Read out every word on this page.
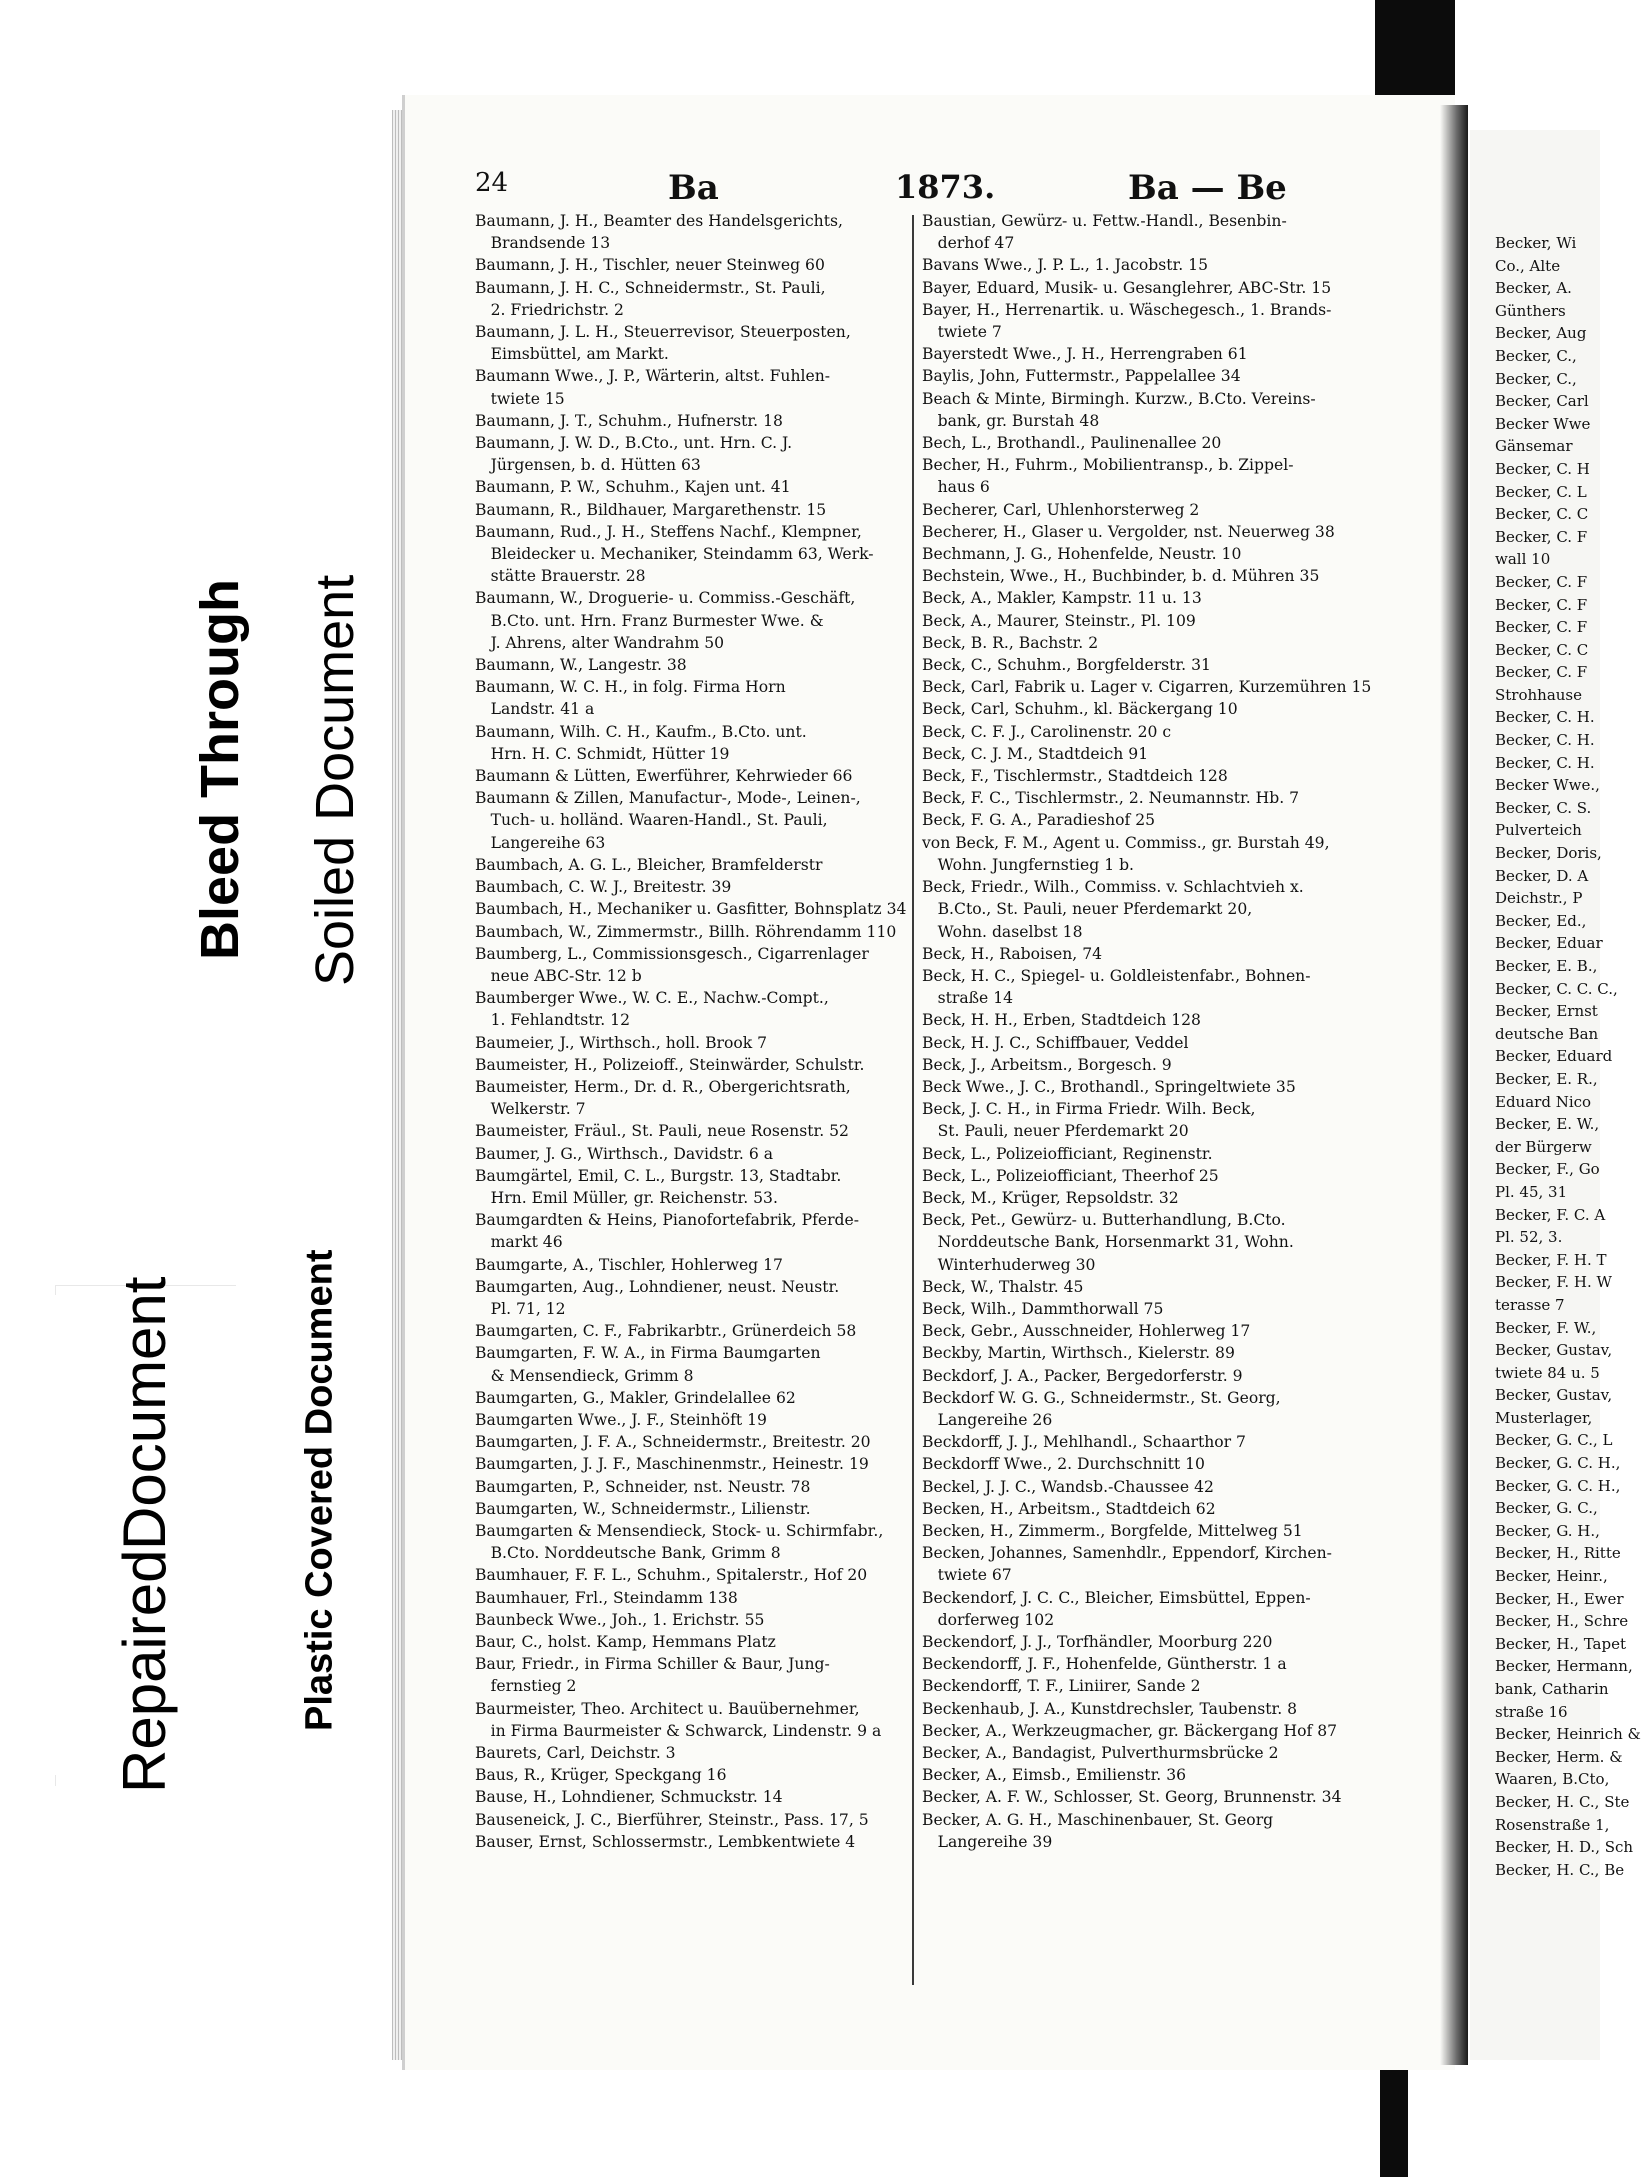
24	Ba	1873.	Ba — Be
Baumann, J. H., Beamter des Handelsgerichts,
 Brandsende 13
Baumann, J. H., Tischler, neuer Steinweg 60
Baumann, J. H. C., Schneidermstr., St. Pauli,
 2. Friedrichstr. 2
Baumann, J. L. H., Steuerrevisor, Steuerposten,
 Eimsbüttel, am Markt.
Baumann Wwe., J. P., Wärterin, altst. Fuhlen-
 twiete 15
Baumann, J. T., Schuhm., Hufnerstr. 18
Baumann, J. W. D., B.Cto., unt. Hrn. C. J.
 Jürgensen, b. d. Hütten 63
Baumann, P. W., Schuhm., Kajen unt. 41
Baumann, R., Bildhauer, Margarethenstr. 15
Baumann, Rud., J. H., Steffens Nachf., Klempner,
 Bleidecker u. Mechaniker, Steindamm 63, Werk-
 stätte Brauerstr. 28
Baumann, W., Droguerie- u. Commiss.-Geschäft,
 B.Cto. unt. Hrn. Franz Burmester Wwe. &
 J. Ahrens, alter Wandrahm 50
Baumann, W., Langestr. 38
Baumann, W. C. H., in folg. Firma Horn
 Landstr. 41 a
Baumann, Wilh. C. H., Kaufm., B.Cto. unt.
 Hrn. H. C. Schmidt, Hütter 19
Baumann & Lütten, Ewerführer, Kehrwieder 66
Baumann & Zillen, Manufactur-, Mode-, Leinen-,
 Tuch- u. holländ. Waaren-Handl., St. Pauli,
 Langereihe 63
Baumbach, A. G. L., Bleicher, Bramfelderstr
Baumbach, C. W. J., Breitestr. 39
Baumbach, H., Mechaniker u. Gasfitter, Bohnsplatz 34
Baumbach, W., Zimmermstr., Billh. Röhrendamm 110
Baumberg, L., Commissionsgesch., Cigarrenlager
 neue ABC-Str. 12 b
Baumberger Wwe., W. C. E., Nachw.-Compt.,
 1. Fehlandtstr. 12
Baumeier, J., Wirthsch., holl. Brook 7
Baumeister, H., Polizeioff., Steinwärder, Schulstr.
Baumeister, Herm., Dr. d. R., Obergerichtsrath,
 Welkerstr. 7
Baumeister, Fräul., St. Pauli, neue Rosenstr. 52
Baumer, J. G., Wirthsch., Davidstr. 6 a
Baumgärtel, Emil, C. L., Burgstr. 13, Stadtabr.
 Hrn. Emil Müller, gr. Reichenstr. 53.
Baumgardten & Heins, Pianofortefabrik, Pferde-
 markt 46
Baumgarte, A., Tischler, Hohlerweg 17
Baumgarten, Aug., Lohndiener, neust. Neustr.
 Pl. 71, 12
Baumgarten, C. F., Fabrikarbtr., Grünerdeich 58
Baumgarten, F. W. A., in Firma Baumgarten
 & Mensendieck, Grimm 8
Baumgarten, G., Makler, Grindelallee 62
Baumgarten Wwe., J. F., Steinhöft 19
Baumgarten, J. F. A., Schneidermstr., Breitestr. 20
Baumgarten, J. J. F., Maschinenmstr., Heinestr. 19
Baumgarten, P., Schneider, nst. Neustr. 78
Baumgarten, W., Schneidermstr., Lilienstr.
Baumgarten & Mensendieck, Stock- u. Schirmfabr.,
 B.Cto. Norddeutsche Bank, Grimm 8
Baumhauer, F. F. L., Schuhm., Spitalerstr., Hof 20
Baumhauer, Frl., Steindamm 138
Baunbeck Wwe., Joh., 1. Erichstr. 55
Baur, C., holst. Kamp, Hemmans Platz
Baur, Friedr., in Firma Schiller & Baur, Jung-
 fernstieg 2
Baurmeister, Theo. Architect u. Bauübernehmer,
 in Firma Baurmeister & Schwarck, Lindenstr. 9 a
Baurets, Carl, Deichstr. 3
Baus, R., Krüger, Speckgang 16
Bause, H., Lohndiener, Schmuckstr. 14
Bauseneick, J. C., Bierführer, Steinstr., Pass. 17, 5
Bauser, Ernst, Schlossermstr., Lembkentwiete 4
Baustian, Gewürz- u. Fettw.-Handl., Besenbin-
 derhof 47
Bavans Wwe., J. P. L., 1. Jacobstr. 15
Bayer, Eduard, Musik- u. Gesanglehrer, ABC-Str. 15
Bayer, H., Herrenartik. u. Wäschegesch., 1. Brands-
 twiete 7
Bayerstedt Wwe., J. H., Herrengraben 61
Baylis, John, Futtermstr., Pappelallee 34
Beach & Minte, Birmingh. Kurzw., B.Cto. Vereins-
 bank, gr. Burstah 48
Bech, L., Brothandl., Paulinenallee 20
Becher, H., Fuhrm., Mobilientransp., b. Zippel-
 haus 6
Becherer, Carl, Uhlenhorsterweg 2
Becherer, H., Glaser u. Vergolder, nst. Neuerweg 38
Bechmann, J. G., Hohenfelde, Neustr. 10
Bechstein, Wwe., H., Buchbinder, b. d. Mühren 35
Beck, A., Makler, Kampstr. 11 u. 13
Beck, A., Maurer, Steinstr., Pl. 109
Beck, B. R., Bachstr. 2
Beck, C., Schuhm., Borgfelderstr. 31
Beck, Carl, Fabrik u. Lager v. Cigarren, Kurzemühren 15
Beck, Carl, Schuhm., kl. Bäckergang 10
Beck, C. F. J., Carolinenstr. 20 c
Beck, C. J. M., Stadtdeich 91
Beck, F., Tischlermstr., Stadtdeich 128
Beck, F. C., Tischlermstr., 2. Neumannstr. Hb. 7
Beck, F. G. A., Paradieshof 25
von Beck, F. M., Agent u. Commiss., gr. Burstah 49,
 Wohn. Jungfernstieg 1 b.
Beck, Friedr., Wilh., Commiss. v. Schlachtvieh x.
 B.Cto., St. Pauli, neuer Pferdemarkt 20,
 Wohn. daselbst 18
Beck, H., Raboisen, 74
Beck, H. C., Spiegel- u. Goldleistenfabr., Bohnen-
 straße 14
Beck, H. H., Erben, Stadtdeich 128
Beck, H. J. C., Schiffbauer, Veddel
Beck, J., Arbeitsm., Borgesch. 9
Beck Wwe., J. C., Brothandl., Springeltwiete 35
Beck, J. C. H., in Firma Friedr. Wilh. Beck,
 St. Pauli, neuer Pferdemarkt 20
Beck, L., Polizeiofficiant, Reginenstr.
Beck, L., Polizeiofficiant, Theerhof 25
Beck, M., Krüger, Repsoldstr. 32
Beck, Pet., Gewürz- u. Butterhandlung, B.Cto.
 Norddeutsche Bank, Horsenmarkt 31, Wohn.
 Winterhuderweg 30
Beck, W., Thalstr. 45
Beck, Wilh., Dammthorwall 75
Beck, Gebr., Ausschneider, Hohlerweg 17
Beckby, Martin, Wirthsch., Kielerstr. 89
Beckdorf, J. A., Packer, Bergedorferstr. 9
Beckdorf W. G. G., Schneidermstr., St. Georg,
 Langereihe 26
Beckdorff, J. J., Mehlhandl., Schaarthor 7
Beckdorff Wwe., 2. Durchschnitt 10
Beckel, J. J. C., Wandsb.-Chaussee 42
Becken, H., Arbeitsm., Stadtdeich 62
Becken, H., Zimmerm., Borgfelde, Mittelweg 51
Becken, Johannes, Samenhdlr., Eppendorf, Kirchen-
 twiete 67
Beckendorf, J. C. C., Bleicher, Eimsbüttel, Eppen-
 dorferweg 102
Beckendorf, J. J., Torfhändler, Moorburg 220
Beckendorff, J. F., Hohenfelde, Güntherstr. 1 a
Beckendorff, T. F., Liniirer, Sande 2
Beckenhaub, J. A., Kunstdrechsler, Taubenstr. 8
Becker, A., Werkzeugmacher, gr. Bäckergang Hof 87
Becker, A., Bandagist, Pulverthurmsbrücke 2
Becker, A., Eimsb., Emilienstr. 36
Becker, A. F. W., Schlosser, St. Georg, Brunnenstr. 34
Becker, A. G. H., Maschinenbauer, St. Georg
 Langereihe 39
Becker, Wi
Co., Alte
Becker, A.
Günthers
Becker, Aug
Becker, C.,
Becker, C.,
Becker, Carl
Becker Wwe
Gänsemar
Becker, C. H
Becker, C. L
Becker, C. C
Becker, C. F
wall 10
Becker, C. F
Becker, C. F
Becker, C. F
Becker, C. C
Becker, C. F
Strohhause
Becker, C. H.
Becker, C. H.
Becker, C. H.
Becker Wwe.,
Becker, C. S.
Pulverteich
Becker, Doris,
Becker, D. A
Deichstr., P
Becker, Ed.,
Becker, Eduar
Becker, E. B.,
Becker, C. C. C.,
Becker, Ernst
deutsche Ban
Becker, Eduard
Becker, E. R.,
Eduard Nico
Becker, E. W.,
der Bürgerw
Becker, F., Go
Pl. 45, 31
Becker, F. C. A
Pl. 52, 3.
Becker, F. H. T
Becker, F. H. W
terasse 7
Becker, F. W.,
Becker, Gustav,
twiete 84 u. 5
Becker, Gustav,
Musterlager,
Becker, G. C., L
Becker, G. C. H.,
Becker, G. C. H.,
Becker, G. C.,
Becker, G. H.,
Becker, H., Ritte
Becker, Heinr.,
Becker, H., Ewer
Becker, H., Schre
Becker, H., Tapet
Becker, Hermann,
bank, Catharin
straße 16
Becker, Heinrich &
Becker, Herm. &
Waaren, B.Cto,
Becker, H. C., Ste
Rosenstraße 1,
Becker, H. D., Sch
Becker, H. C., Be
Bleed Through Soiled Document
Plastic Covered Document
Repaired
Document
